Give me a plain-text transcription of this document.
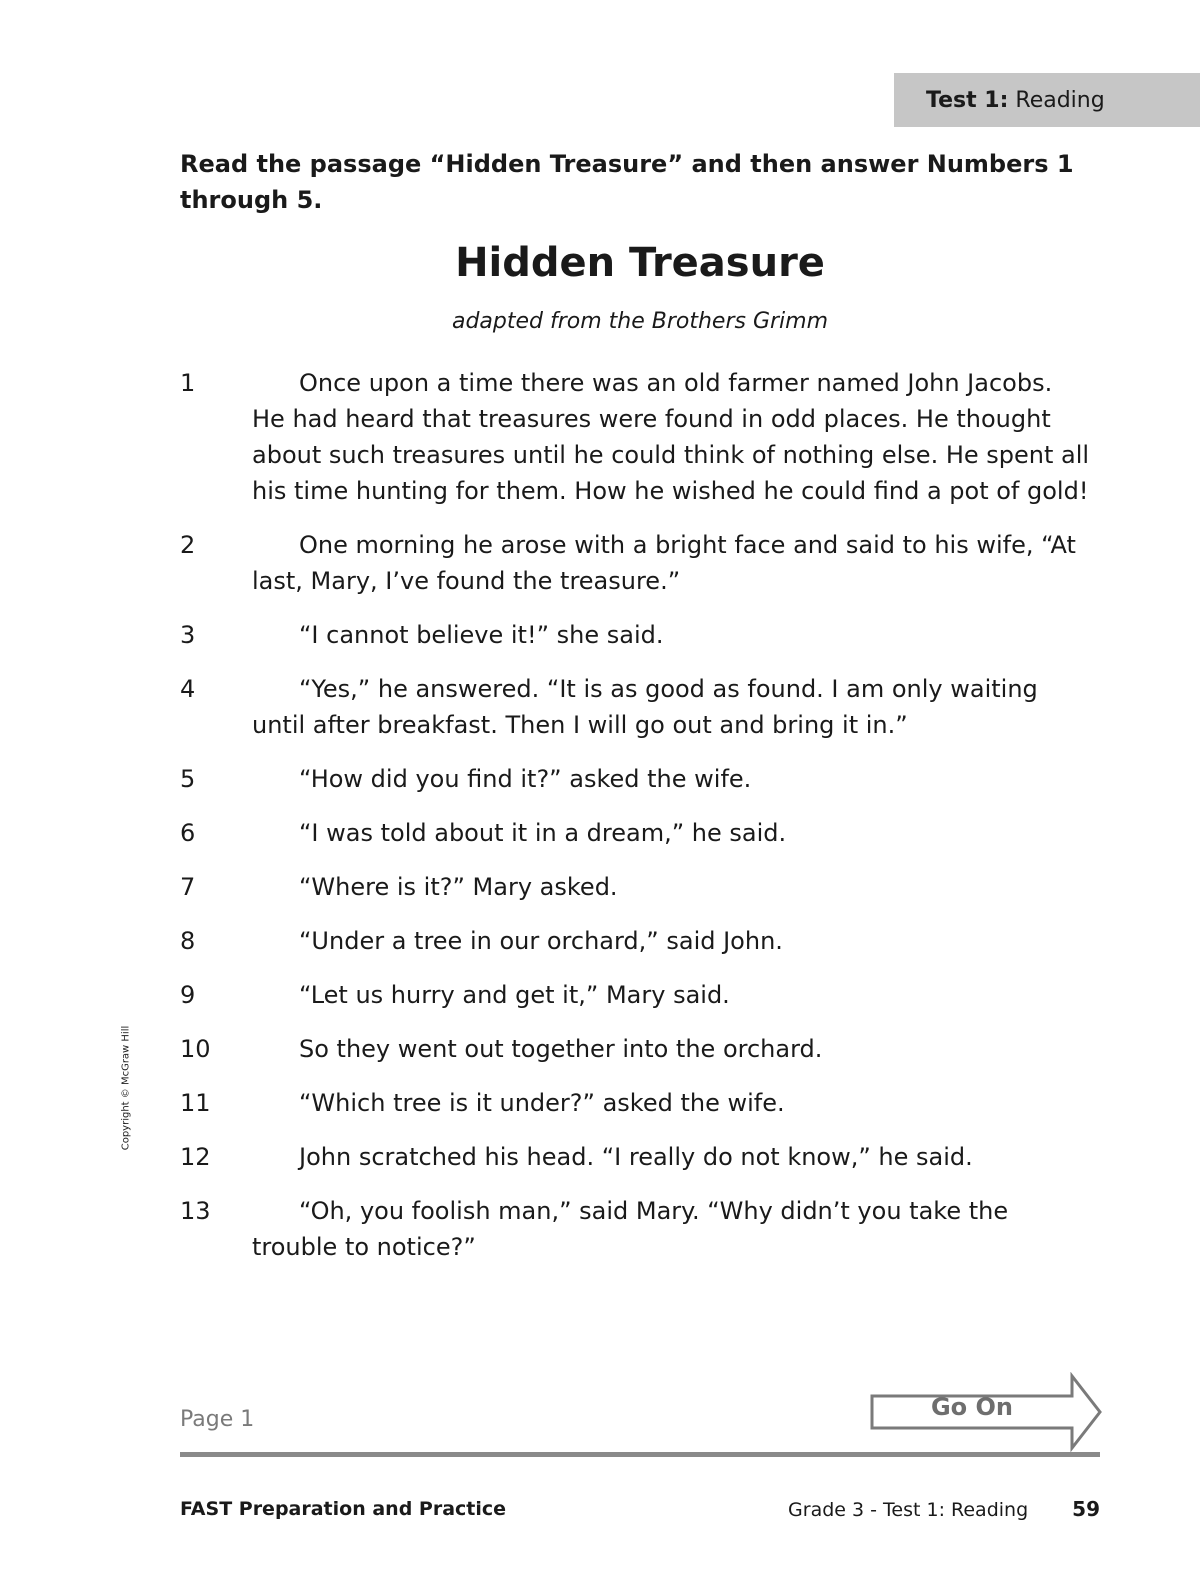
Test 1:
Reading
Read the passage “Hidden Treasure” and then answer Numbers 1 through 5.
Hidden Treasure
adapted from the Brothers Grimm
1	Once upon a time there was an old farmer named John Jacobs. He had heard that treasures were found in odd places. He thought about such treasures until he could think of nothing else. He spent all his time hunting for them. How he wished he could find a pot of gold!
2	One morning he arose with a bright face and said to his wife, “At last, Mary, I’ve found the treasure.”
3	“I cannot believe it!” she said.
4	“Yes,” he answered. “It is as good as found. I am only waiting until after breakfast. Then I will go out and bring it in.”
5	“How did you find it?” asked the wife.
6	“I was told about it in a dream,” he said.
7	“Where is it?” Mary asked.
8	“Under a tree in our orchard,” said John.
9	“Let us hurry and get it,” Mary said.
10	So they went out together into the orchard.
11	“Which tree is it under?” asked the wife.
12	John scratched his head. “I really do not know,” he said.
13	“Oh, you foolish man,” said Mary. “Why didn’t you take the trouble to notice?”
Copyright © McGraw Hill
Page 1	Go On
FAST Preparation and Practice	Grade 3 - Test 1: Reading 59
